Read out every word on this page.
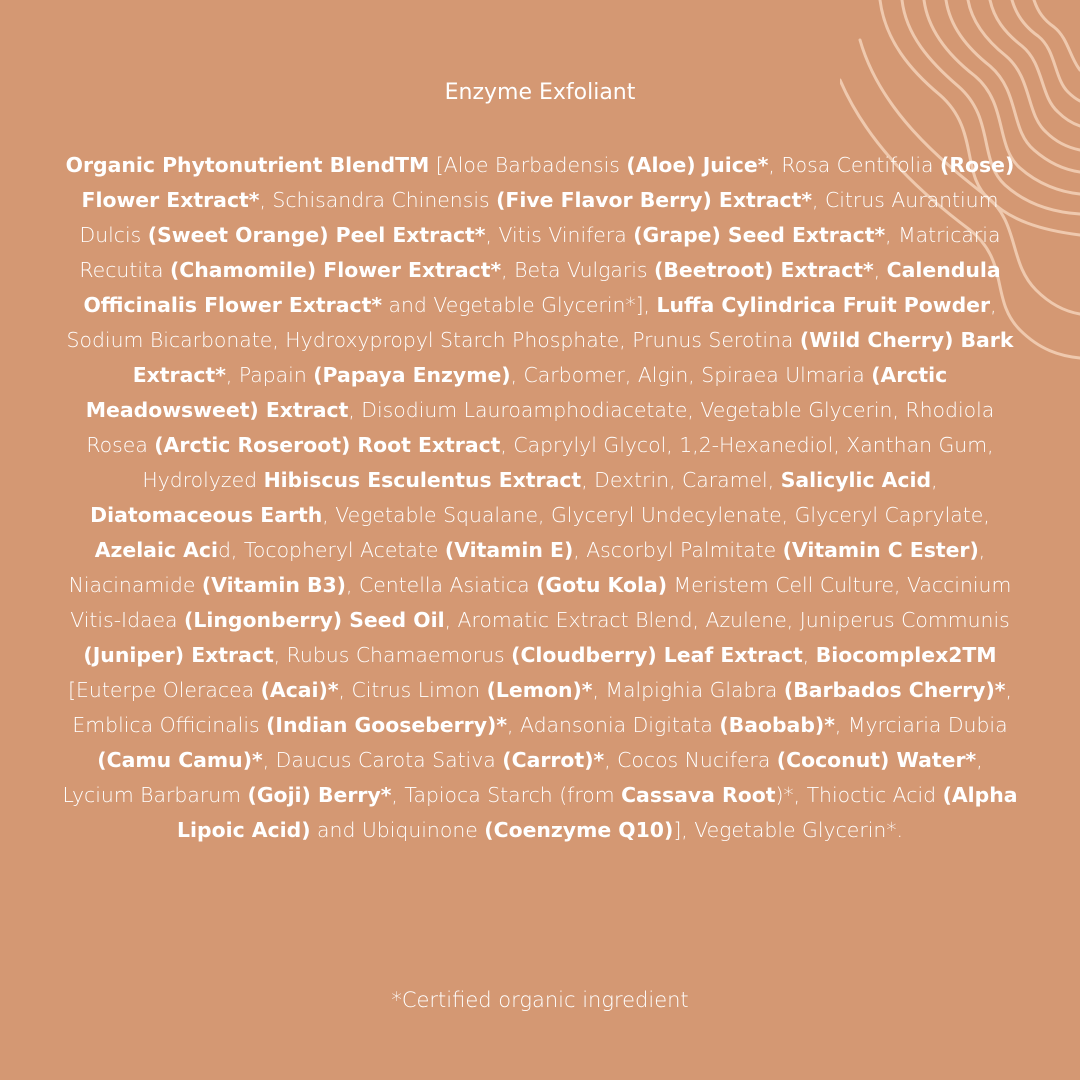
Enzyme Exfoliant

Organic Phytonutrient BlendTM [Aloe Barbadensis (Aloe) Juice*, Rosa Centifolia (Rose) Flower Extract*, Schisandra Chinensis (Five Flavor Berry) Extract*, Citrus Aurantium Dulcis (Sweet Orange) Peel Extract*, Vitis Vinifera (Grape) Seed Extract*, Matricaria Recutita (Chamomile) Flower Extract*, Beta Vulgaris (Beetroot) Extract*, Calendula Officinalis Flower Extract* and Vegetable Glycerin*], Luffa Cylindrica Fruit Powder, Sodium Bicarbonate, Hydroxypropyl Starch Phosphate, Prunus Serotina (Wild Cherry) Bark Extract*, Papain (Papaya Enzyme), Carbomer, Algin, Spiraea Ulmaria (Arctic Meadowsweet) Extract, Disodium Lauroamphodiacetate, Vegetable Glycerin, Rhodiola Rosea (Arctic Roseroot) Root Extract, Caprylyl Glycol, 1,2-Hexanediol, Xanthan Gum, Hydrolyzed Hibiscus Esculentus Extract, Dextrin, Caramel, Salicylic Acid, Diatomaceous Earth, Vegetable Squalane, Glyceryl Undecylenate, Glyceryl Caprylate, Azelaic Acid, Tocopheryl Acetate (Vitamin E), Ascorbyl Palmitate (Vitamin C Ester), Niacinamide (Vitamin B3), Centella Asiatica (Gotu Kola) Meristem Cell Culture, Vaccinium Vitis-Idaea (Lingonberry) Seed Oil, Aromatic Extract Blend, Azulene, Juniperus Communis (Juniper) Extract, Rubus Chamaemorus (Cloudberry) Leaf Extract, Biocomplex2TM [Euterpe Oleracea (Acai)*, Citrus Limon (Lemon)*, Malpighia Glabra (Barbados Cherry)*, Emblica Officinalis (Indian Gooseberry)*, Adansonia Digitata (Baobab)*, Myrciaria Dubia (Camu Camu)*, Daucus Carota Sativa (Carrot)*, Cocos Nucifera (Coconut) Water*, Lycium Barbarum (Goji) Berry*, Tapioca Starch (from Cassava Root)*, Thioctic Acid (Alpha Lipoic Acid) and Ubiquinone (Coenzyme Q10)], Vegetable Glycerin*.

*Certified organic ingredient
